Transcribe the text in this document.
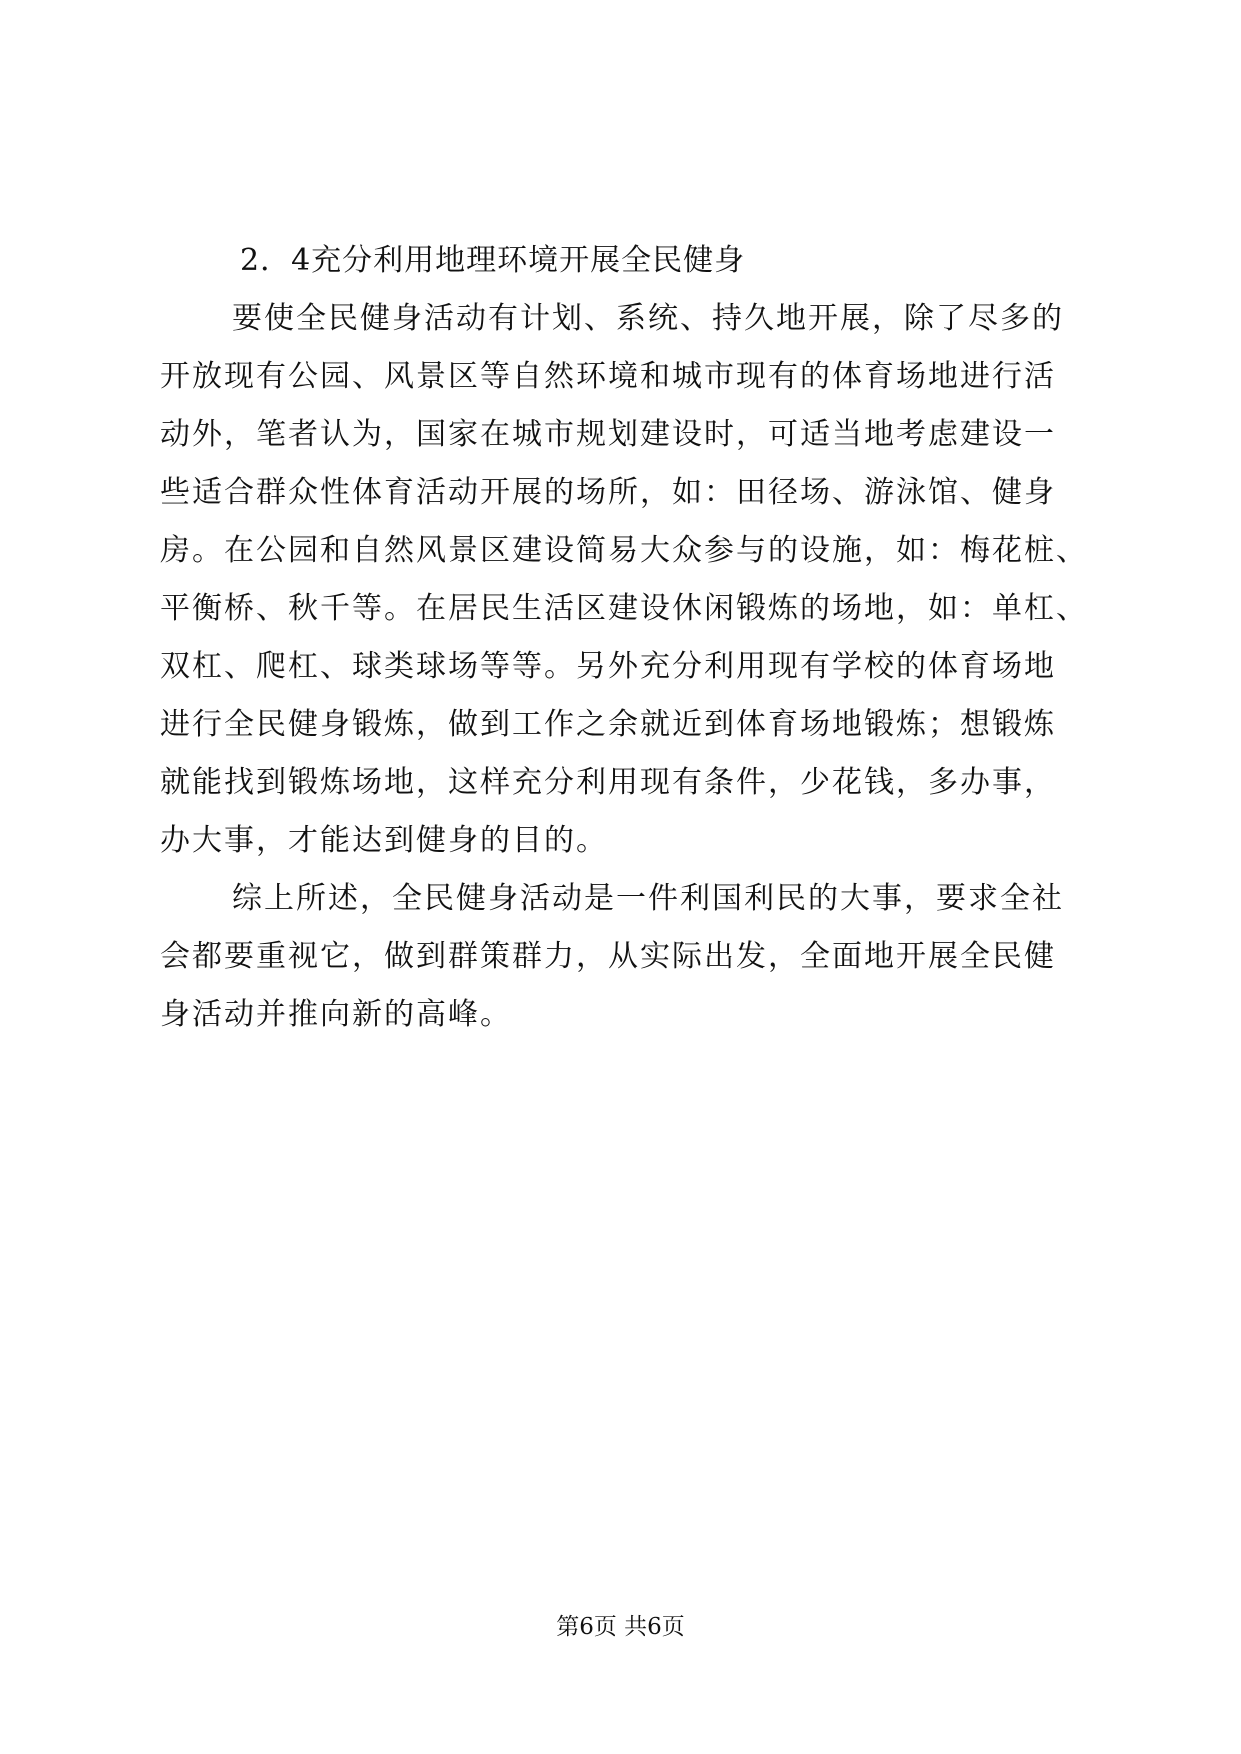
2．4充分利用地理环境开展全民健身

要使全民健身活动有计划、系统、持久地开展，除了尽多的
开放现有公园、风景区等自然环境和城市现有的体育场地进行活
动外，笔者认为，国家在城市规划建设时，可适当地考虑建设一
些适合群众性体育活动开展的场所，如：田径场、游泳馆、健身
房。在公园和自然风景区建设简易大众参与的设施，如：梅花桩、
平衡桥、秋千等。在居民生活区建设休闲锻炼的场地，如：单杠、
双杠、爬杠、球类球场等等。另外充分利用现有学校的体育场地
进行全民健身锻炼，做到工作之余就近到体育场地锻炼；想锻炼
就能找到锻炼场地，这样充分利用现有条件，少花钱，多办事，
办大事，才能达到健身的目的。

综上所述，全民健身活动是一件利国利民的大事，要求全社
会都要重视它，做到群策群力，从实际出发，全面地开展全民健
身活动并推向新的高峰。

第6页 共6页
